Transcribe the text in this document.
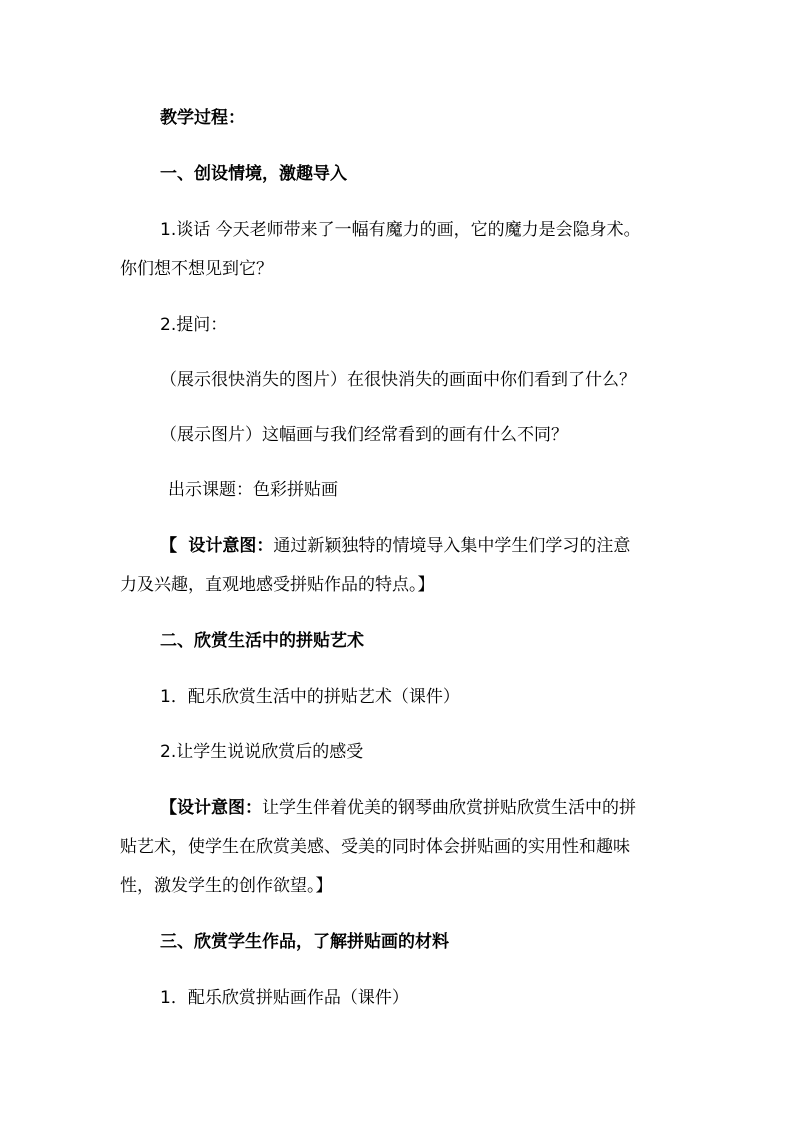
教学过程：
一、创设情境，激趣导入
1.谈话 今天老师带来了一幅有魔力的画，它的魔力是会隐身术。
你们想不想见到它？
2.提问：
（展示很快消失的图片）在很快消失的画面中你们看到了什么？
（展示图片）这幅画与我们经常看到的画有什么不同？
出示课题：色彩拼贴画
【 设计意图：通过新颖独特的情境导入集中学生们学习的注意
力及兴趣，直观地感受拼贴作品的特点。】
二、欣赏生活中的拼贴艺术
1．配乐欣赏生活中的拼贴艺术（课件）
2.让学生说说欣赏后的感受
【设计意图：让学生伴着优美的钢琴曲欣赏拼贴欣赏生活中的拼
贴艺术，使学生在欣赏美感、受美的同时体会拼贴画的实用性和趣味
性，激发学生的创作欲望。】
三、欣赏学生作品，了解拼贴画的材料
1．配乐欣赏拼贴画作品（课件）
